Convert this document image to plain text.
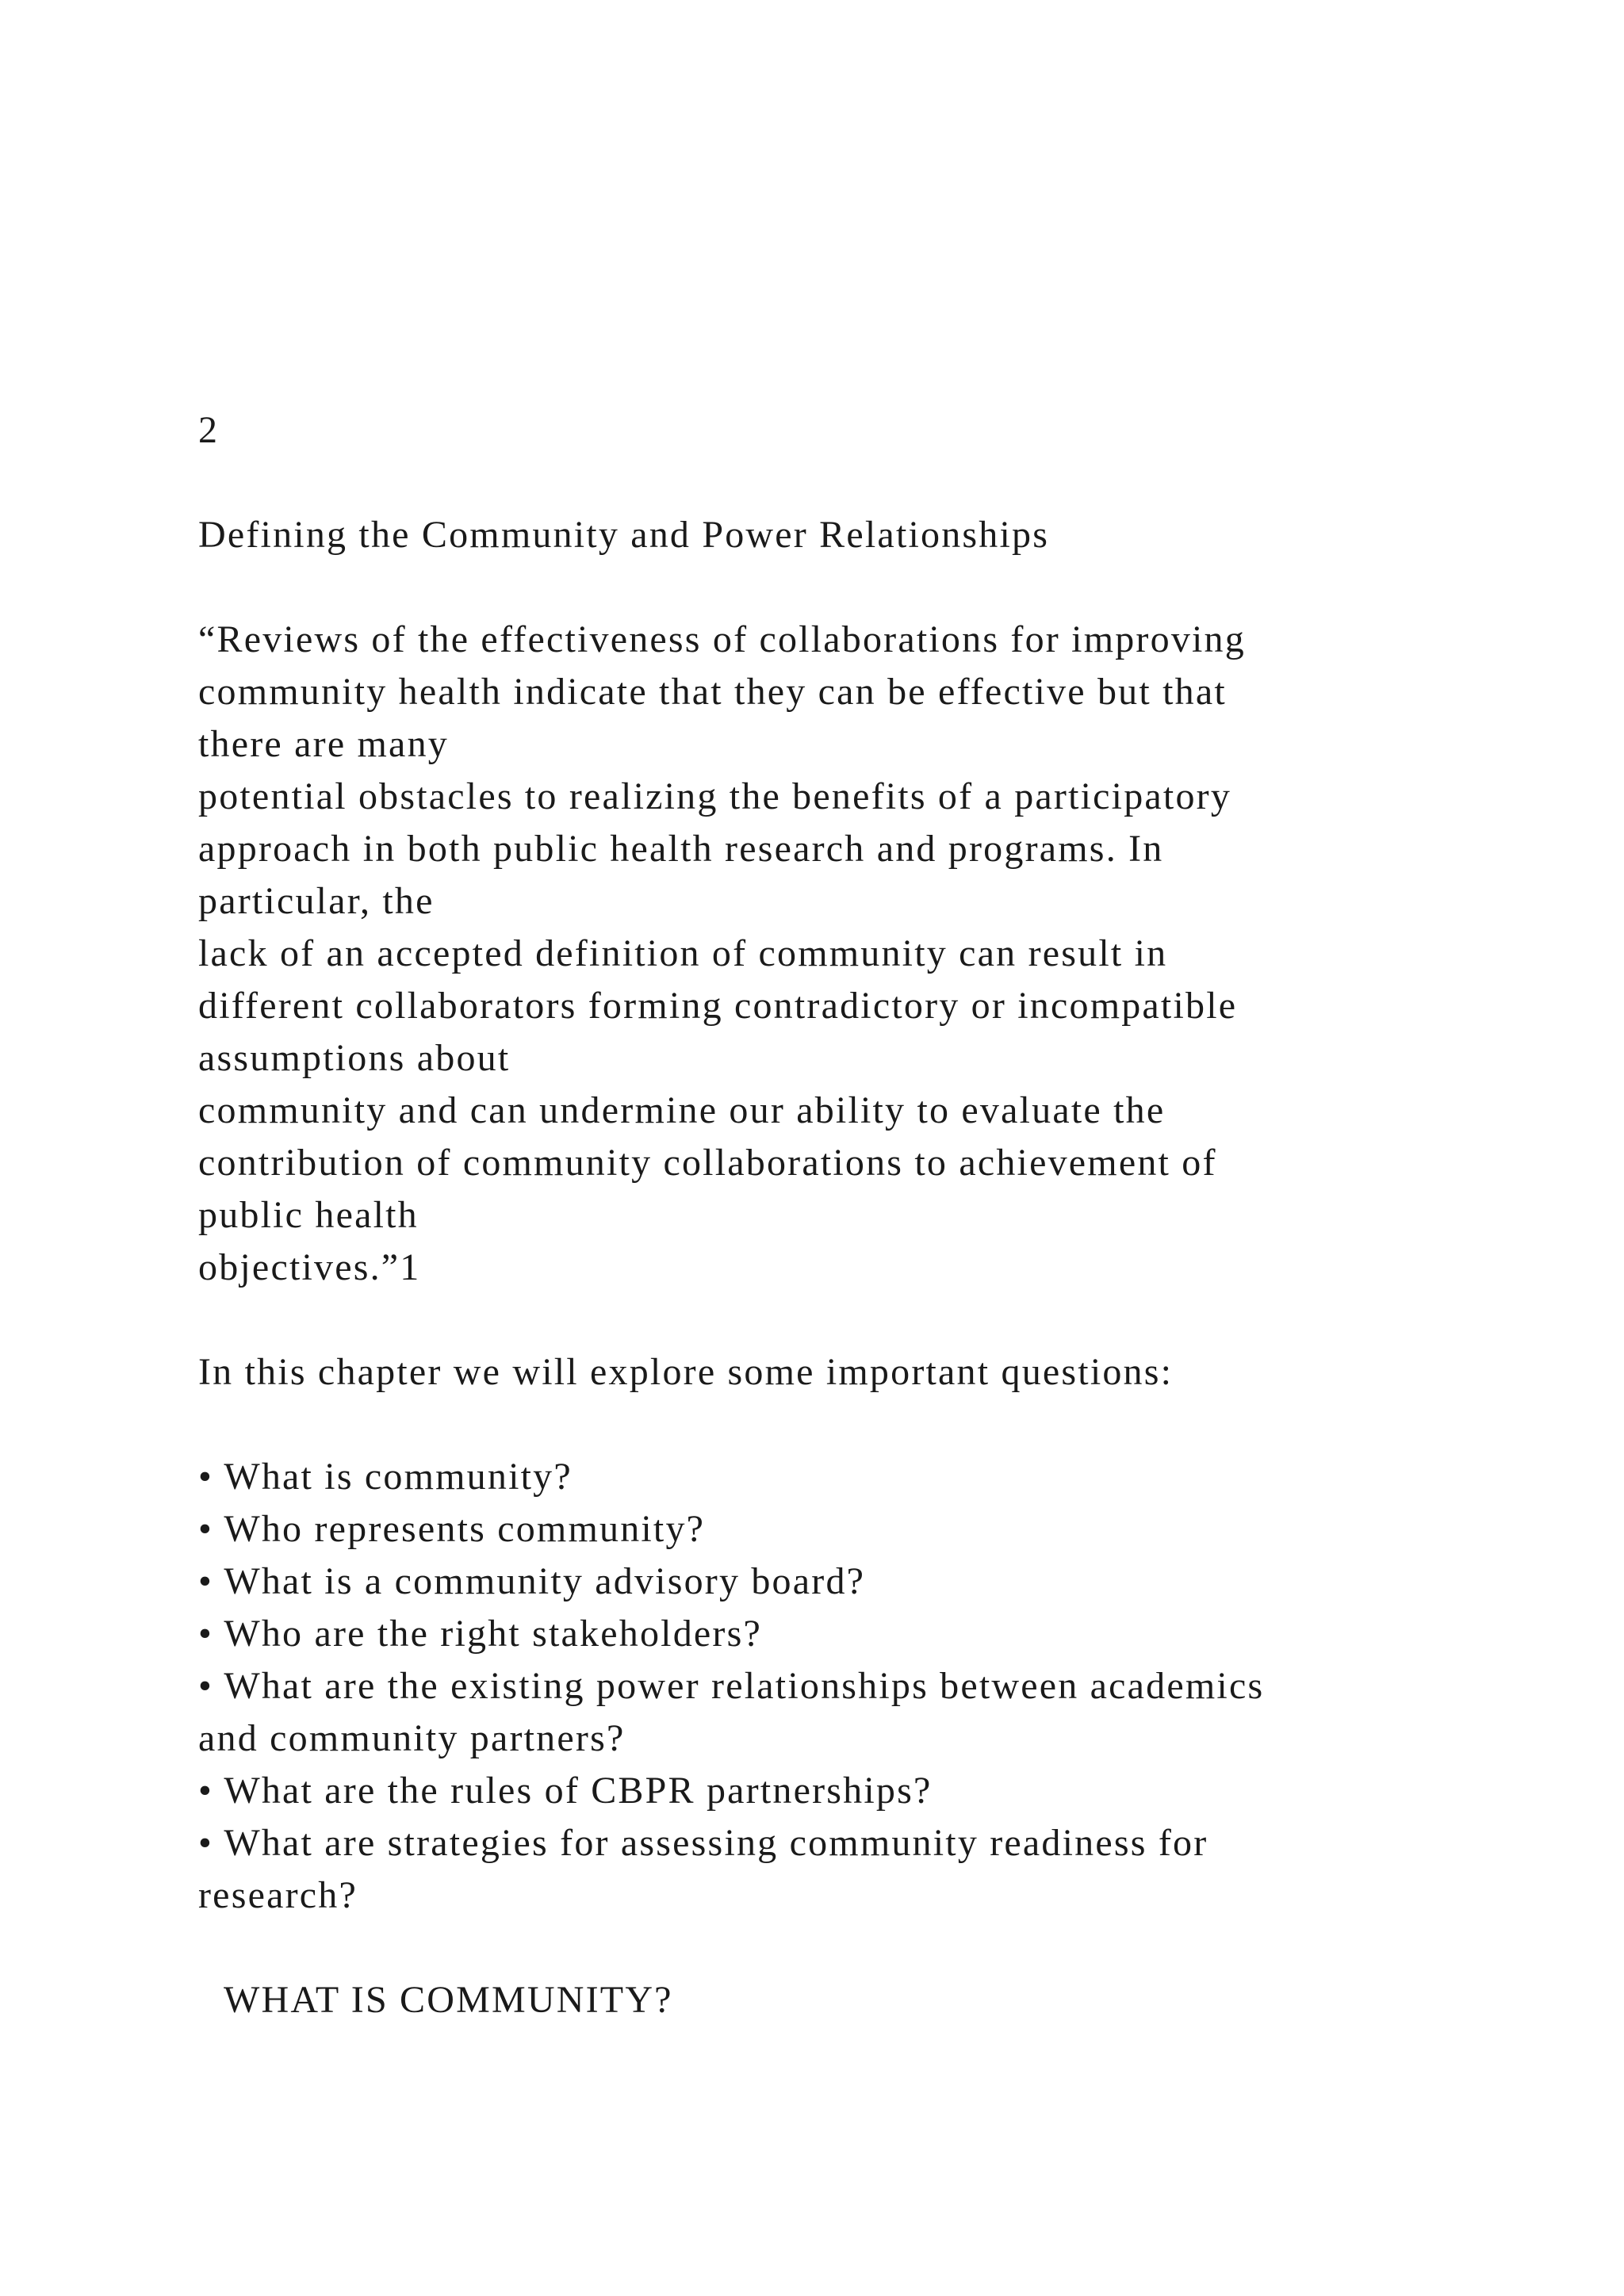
2
Defining the Community and Power Relationships
“Reviews of the effectiveness of collaborations for improving
community health indicate that they can be effective but that
there are many
potential obstacles to realizing the benefits of a participatory
approach in both public health research and programs. In
particular, the
lack of an accepted definition of community can result in
different collaborators forming contradictory or incompatible
assumptions about
community and can undermine our ability to evaluate the
contribution of community collaborations to achievement of
public health
objectives.”1
In this chapter we will explore some important questions:
• What is community?
• Who represents community?
• What is a community advisory board?
• Who are the right stakeholders?
• What are the existing power relationships between academics
and community partners?
• What are the rules of CBPR partnerships?
• What are strategies for assessing community readiness for
research?
WHAT IS COMMUNITY?
